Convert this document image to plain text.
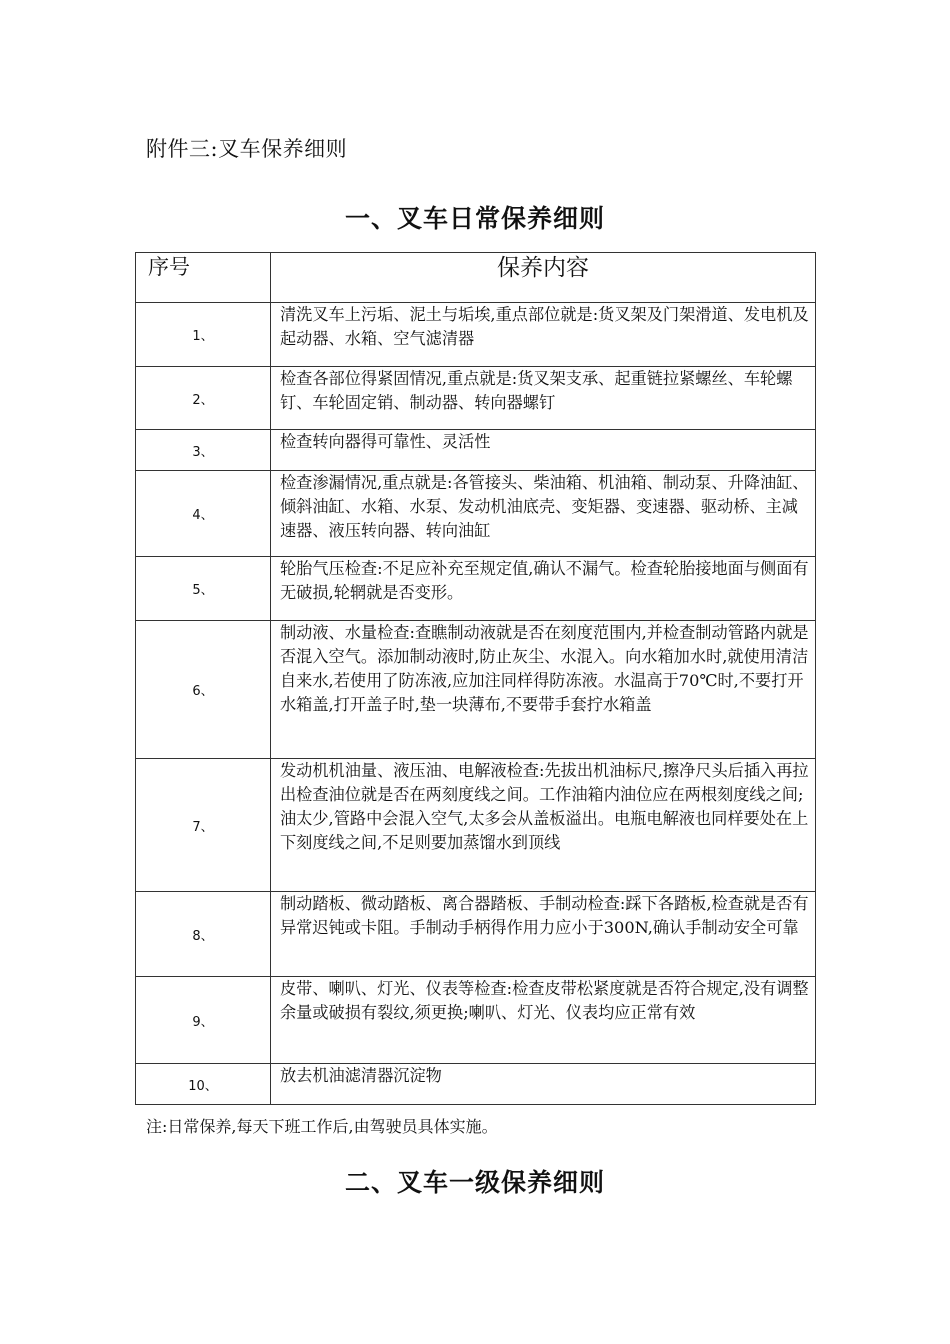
附件三:叉车保养细则
一、叉车日常保养细则
序号	保养内容
1、	清洗叉车上污垢、泥土与垢埃,重点部位就是:货叉架及门架滑道、发电机及起动器、水箱、空气滤清器
2、	检查各部位得紧固情况,重点就是:货叉架支承、起重链拉紧螺丝、车轮螺钉、车轮固定销、制动器、转向器螺钉
3、	检查转向器得可靠性、灵活性
4、	检查渗漏情况,重点就是:各管接头、柴油箱、机油箱、制动泵、升降油缸、倾斜油缸、水箱、水泵、发动机油底壳、变矩器、变速器、驱动桥、主减速器、液压转向器、转向油缸
5、	轮胎气压检查:不足应补充至规定值,确认不漏气。检查轮胎接地面与侧面有无破损,轮辋就是否变形。
6、	制动液、水量检查:查瞧制动液就是否在刻度范围内,并检查制动管路内就是否混入空气。添加制动液时,防止灰尘、水混入。向水箱加水时,就使用清洁自来水,若使用了防冻液,应加注同样得防冻液。水温高于70℃时,不要打开水箱盖,打开盖子时,垫一块薄布,不要带手套拧水箱盖
7、	发动机机油量、液压油、电解液检查:先拔出机油标尺,擦净尺头后插入再拉出检查油位就是否在两刻度线之间。工作油箱内油位应在两根刻度线之间;油太少,管路中会混入空气,太多会从盖板溢出。电瓶电解液也同样要处在上下刻度线之间,不足则要加蒸馏水到顶线
8、	制动踏板、微动踏板、离合器踏板、手制动检查:踩下各踏板,检查就是否有异常迟钝或卡阻。手制动手柄得作用力应小于300N,确认手制动安全可靠
9、	皮带、喇叭、灯光、仪表等检查:检查皮带松紧度就是否符合规定,没有调整余量或破损有裂纹,须更换;喇叭、灯光、仪表均应正常有效
10、	放去机油滤清器沉淀物
注:日常保养,每天下班工作后,由驾驶员具体实施。
二、叉车一级保养细则
